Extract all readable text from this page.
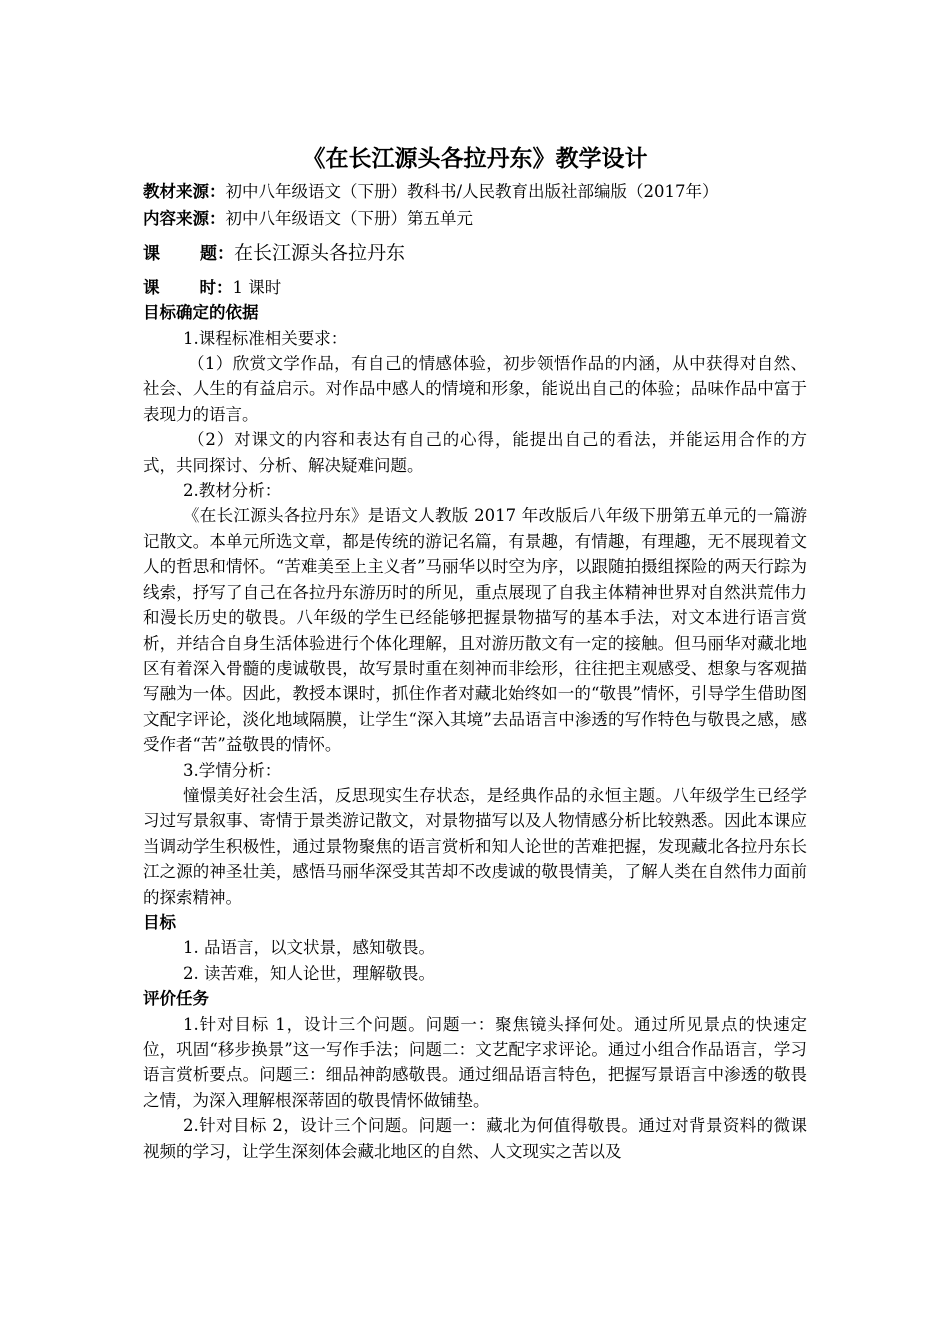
《在长江源头各拉丹东》教学设计

教材来源：初中八年级语文（下册）教科书/人民教育出版社部编版（2017年）

内容来源：初中八年级语文（下册）第五单元

课 题：在长江源头各拉丹东

课 时：1 课时

目标确定的依据

1.课程标准相关要求：

（1）欣赏文学作品，有自己的情感体验，初步领悟作品的内涵，从中获得对自然、社会、人生的有益启示。对作品中感人的情境和形象，能说出自己的体验；品味作品中富于表现力的语言。

（2）对课文的内容和表达有自己的心得，能提出自己的看法，并能运用合作的方式，共同探讨、分析、解决疑难问题。

2.教材分析：

《在长江源头各拉丹东》是语文人教版 2017 年改版后八年级下册第五单元的一篇游记散文。本单元所选文章，都是传统的游记名篇，有景趣，有情趣，有理趣，无不展现着文人的哲思和情怀。“苦难美至上主义者”马丽华以时空为序，以跟随拍摄组探险的两天行踪为线索，抒写了自己在各拉丹东游历时的所见，重点展现了自我主体精神世界对自然洪荒伟力和漫长历史的敬畏。八年级的学生已经能够把握景物描写的基本手法，对文本进行语言赏析，并结合自身生活体验进行个体化理解，且对游历散文有一定的接触。但马丽华对藏北地区有着深入骨髓的虔诚敬畏，故写景时重在刻神而非绘形，往往把主观感受、想象与客观描写融为一体。因此，教授本课时，抓住作者对藏北始终如一的“敬畏”情怀，引导学生借助图文配字评论，淡化地域隔膜，让学生“深入其境”去品语言中渗透的写作特色与敬畏之感，感受作者“苦”益敬畏的情怀。

3.学情分析：

憧憬美好社会生活，反思现实生存状态，是经典作品的永恒主题。八年级学生已经学习过写景叙事、寄情于景类游记散文，对景物描写以及人物情感分析比较熟悉。因此本课应当调动学生积极性，通过景物聚焦的语言赏析和知人论世的苦难把握，发现藏北各拉丹东长江之源的神圣壮美，感悟马丽华深受其苦却不改虔诚的敬畏情美，了解人类在自然伟力面前的探索精神。

目标

1. 品语言，以文状景，感知敬畏。

2. 读苦难，知人论世，理解敬畏。

评价任务

1.针对目标 1，设计三个问题。问题一：聚焦镜头择何处。通过所见景点的快速定位，巩固“移步换景”这一写作手法；问题二：文艺配字求评论。通过小组合作品语言，学习语言赏析要点。问题三：细品神韵感敬畏。通过细品语言特色，把握写景语言中渗透的敬畏之情，为深入理解根深蒂固的敬畏情怀做铺垫。

2.针对目标 2，设计三个问题。问题一：藏北为何值得敬畏。通过对背景资料的微课视频的学习，让学生深刻体会藏北地区的自然、人文现实之苦以及
